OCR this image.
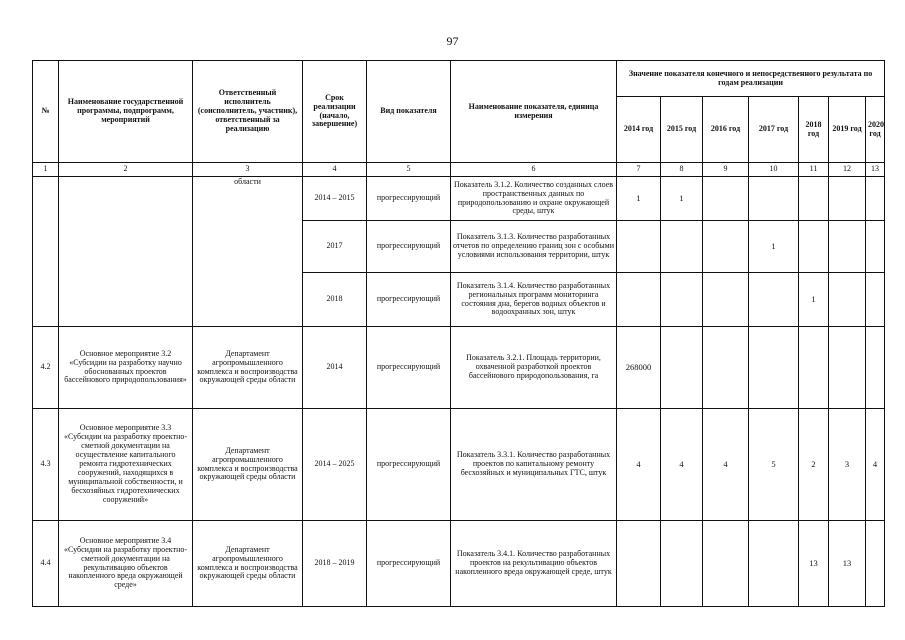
97
№	Наименование государственной программы, подпрограмм, мероприятий	Ответственный исполнитель (соисполнитель, участник), ответственный за реализацию	Срок реализации (начало, завершение)	Вид показателя	Наименование показателя, единица измерения	Значение показателя конечного и непосредственного результата по годам реализации						
						2014 год	2015 год	2016 год	2017 год	2018 год	2019 год	2020 год
1	2	3	4	5	6	7	8	9	10	11	12	13
		области	2014 – 2015	прогрессирующий	Показатель 3.1.2. Количество созданных слоев пространственных данных по природопользованию и охране окружающей среды, штук	1	1					
			2017	прогрессирующий	Показатель 3.1.3. Количество разработанных отчетов по определению границ зон с особыми условиями использования территории, штук				1			
			2018	прогрессирующий	Показатель 3.1.4. Количество разработанных региональных программ мониторинга состояния дна, берегов водных объектов и водоохранных зон, штук					1		
4.2	Основное мероприятие 3.2 «Субсидии на разработку научно обоснованных проектов бассейнового природопользования»	Департамент агропромышленного комплекса и воспроизводства окружающей среды области	2014	прогрессирующий	Показатель 3.2.1. Площадь территории, охваченной разработкой проектов бассейнового природопользования, га	268000						
4.3	Основное мероприятие 3.3 «Субсидии на разработку проектно-сметной документации на осуществление капитального ремонта гидротехнических сооружений, находящихся в муниципальной собственности, и бесхозяйных гидротехнических сооружений»	Департамент агропромышленного комплекса и воспроизводства окружающей среды области	2014 – 2025	прогрессирующий	Показатель 3.3.1. Количество разработанных проектов по капитальному ремонту бесхозяйных и муниципальных ГТС, штук	4	4	4	5	2	3	4
4.4	Основное мероприятие 3.4 «Субсидии на разработку проектно-сметной документации на рекультивацию объектов накопленного вреда окружающей среде»	Департамент агропромышленного комплекса и воспроизводства окружающей среды области	2018 – 2019	прогрессирующий	Показатель 3.4.1. Количество разработанных проектов на рекультивацию объектов накопленного вреда окружающей среде, штук					13	13	
